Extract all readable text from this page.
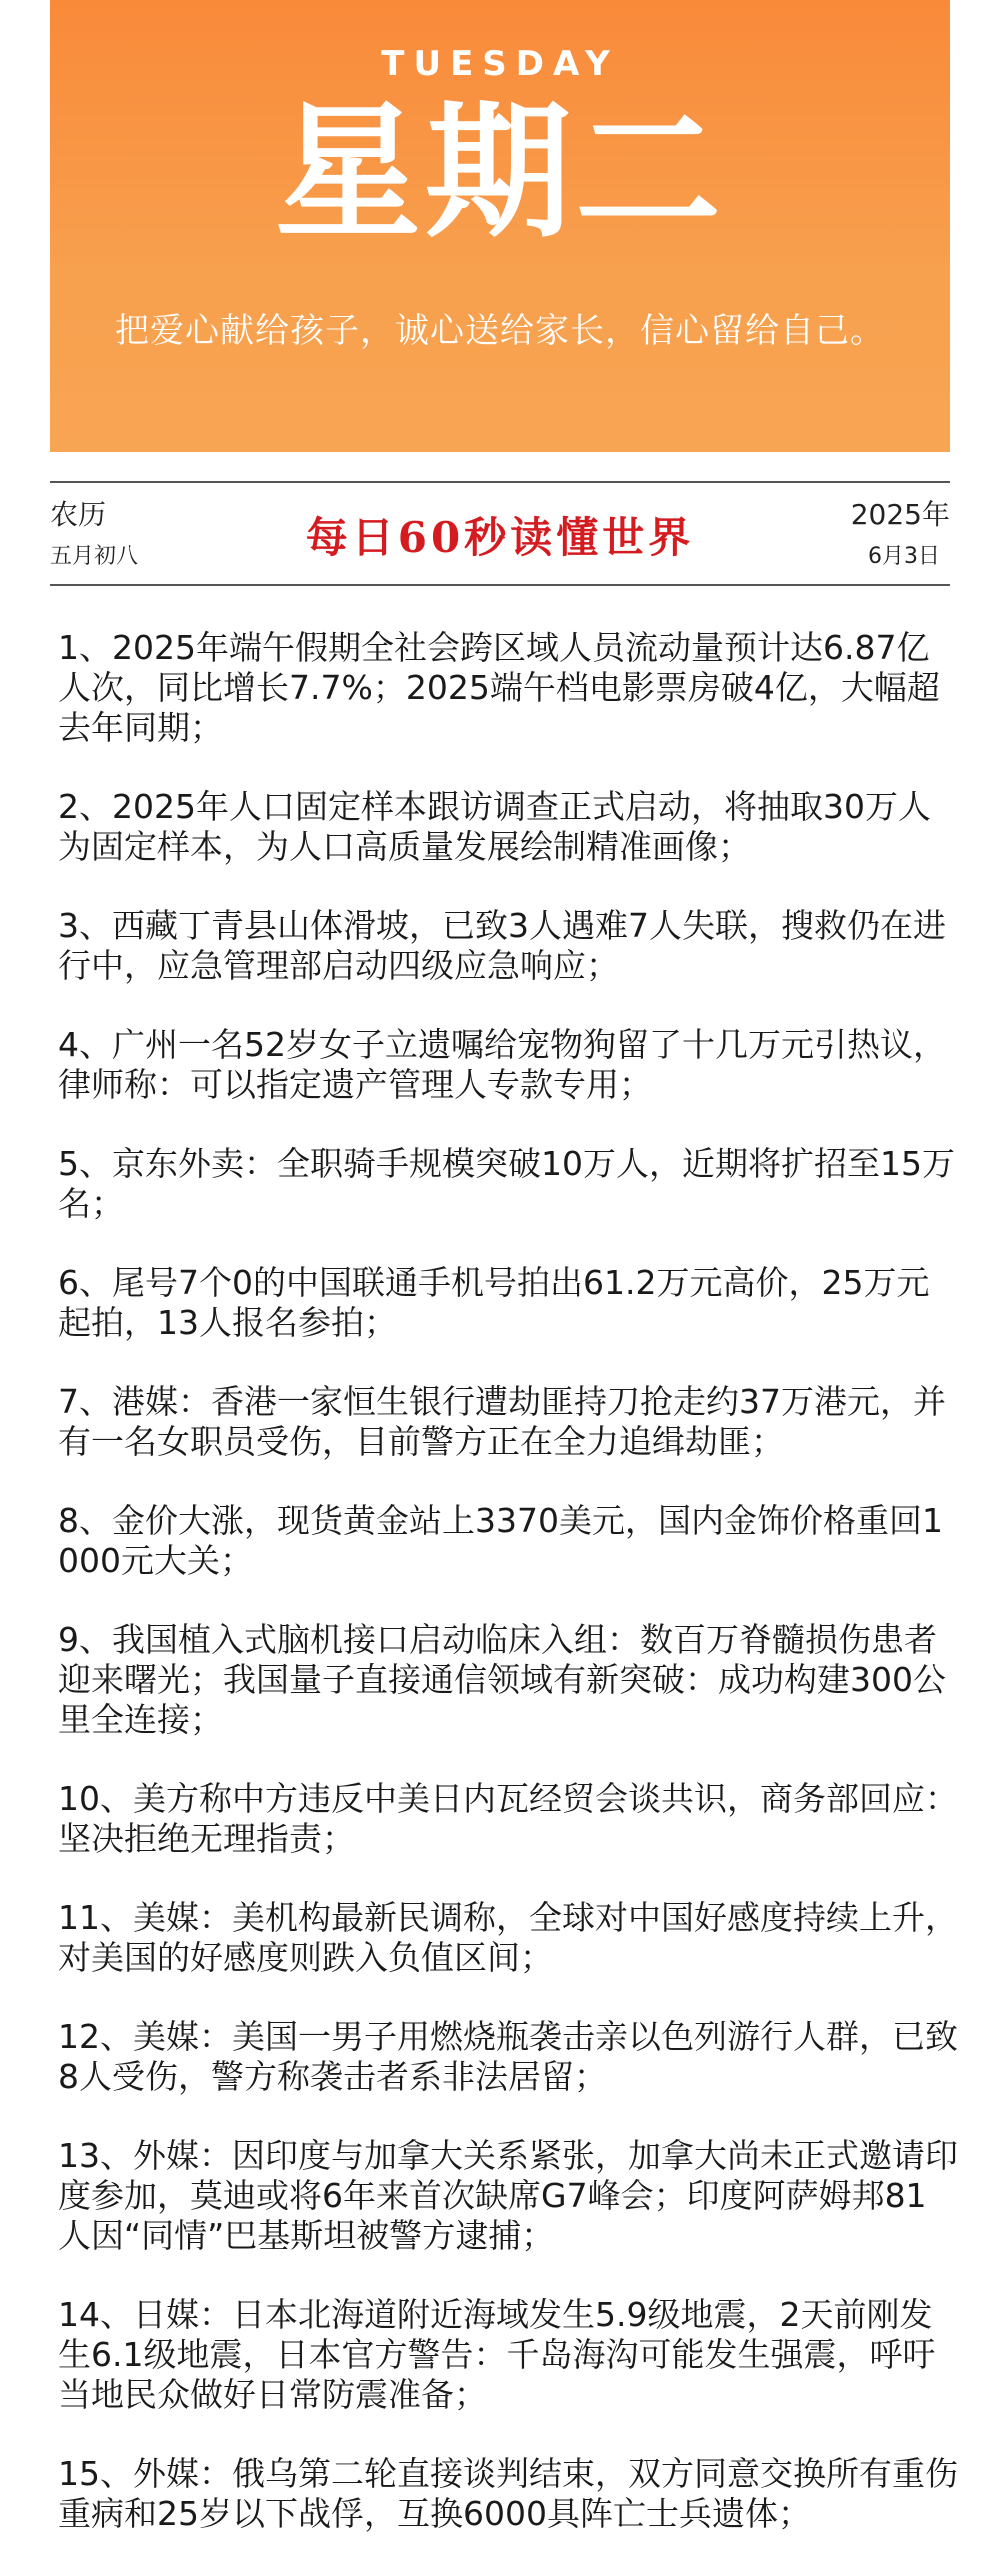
TUESDAY
星期二
把爱心献给孩子，诚心送给家长，信心留给自己。
农历
五月初八	每日60秒读懂世界	2025年
6月3日
1、2025年端午假期全社会跨区域人员流动量预计达6.87亿人次，同比增长7.7%；2025端午档电影票房破4亿，大幅超去年同期；
2、2025年人口固定样本跟访调查正式启动，将抽取30万人为固定样本，为人口高质量发展绘制精准画像；
3、西藏丁青县山体滑坡，已致3人遇难7人失联，搜救仍在进行中，应急管理部启动四级应急响应；
4、广州一名52岁女子立遗嘱给宠物狗留了十几万元引热议，律师称：可以指定遗产管理人专款专用；
5、京东外卖：全职骑手规模突破10万人，近期将扩招至15万名；
6、尾号7个0的中国联通手机号拍出61.2万元高价，25万元起拍，13人报名参拍；
7、港媒：香港一家恒生银行遭劫匪持刀抢走约37万港元，并有一名女职员受伤，目前警方正在全力追缉劫匪；
8、金价大涨，现货黄金站上3370美元，国内金饰价格重回1000元大关；
9、我国植入式脑机接口启动临床入组：数百万脊髓损伤患者迎来曙光；我国量子直接通信领域有新突破：成功构建300公里全连接；
10、美方称中方违反中美日内瓦经贸会谈共识，商务部回应：坚决拒绝无理指责；
11、美媒：美机构最新民调称，全球对中国好感度持续上升，对美国的好感度则跌入负值区间；
12、美媒：美国一男子用燃烧瓶袭击亲以色列游行人群，已致8人受伤，警方称袭击者系非法居留；
13、外媒：因印度与加拿大关系紧张，加拿大尚未正式邀请印度参加，莫迪或将6年来首次缺席G7峰会；印度阿萨姆邦81人因“同情”巴基斯坦被警方逮捕；
14、日媒：日本北海道附近海域发生5.9级地震，2天前刚发生6.1级地震，日本官方警告：千岛海沟可能发生强震，呼吁当地民众做好日常防震准备；
15、外媒：俄乌第二轮直接谈判结束，双方同意交换所有重伤重病和25岁以下战俘，互换6000具阵亡士兵遗体；
